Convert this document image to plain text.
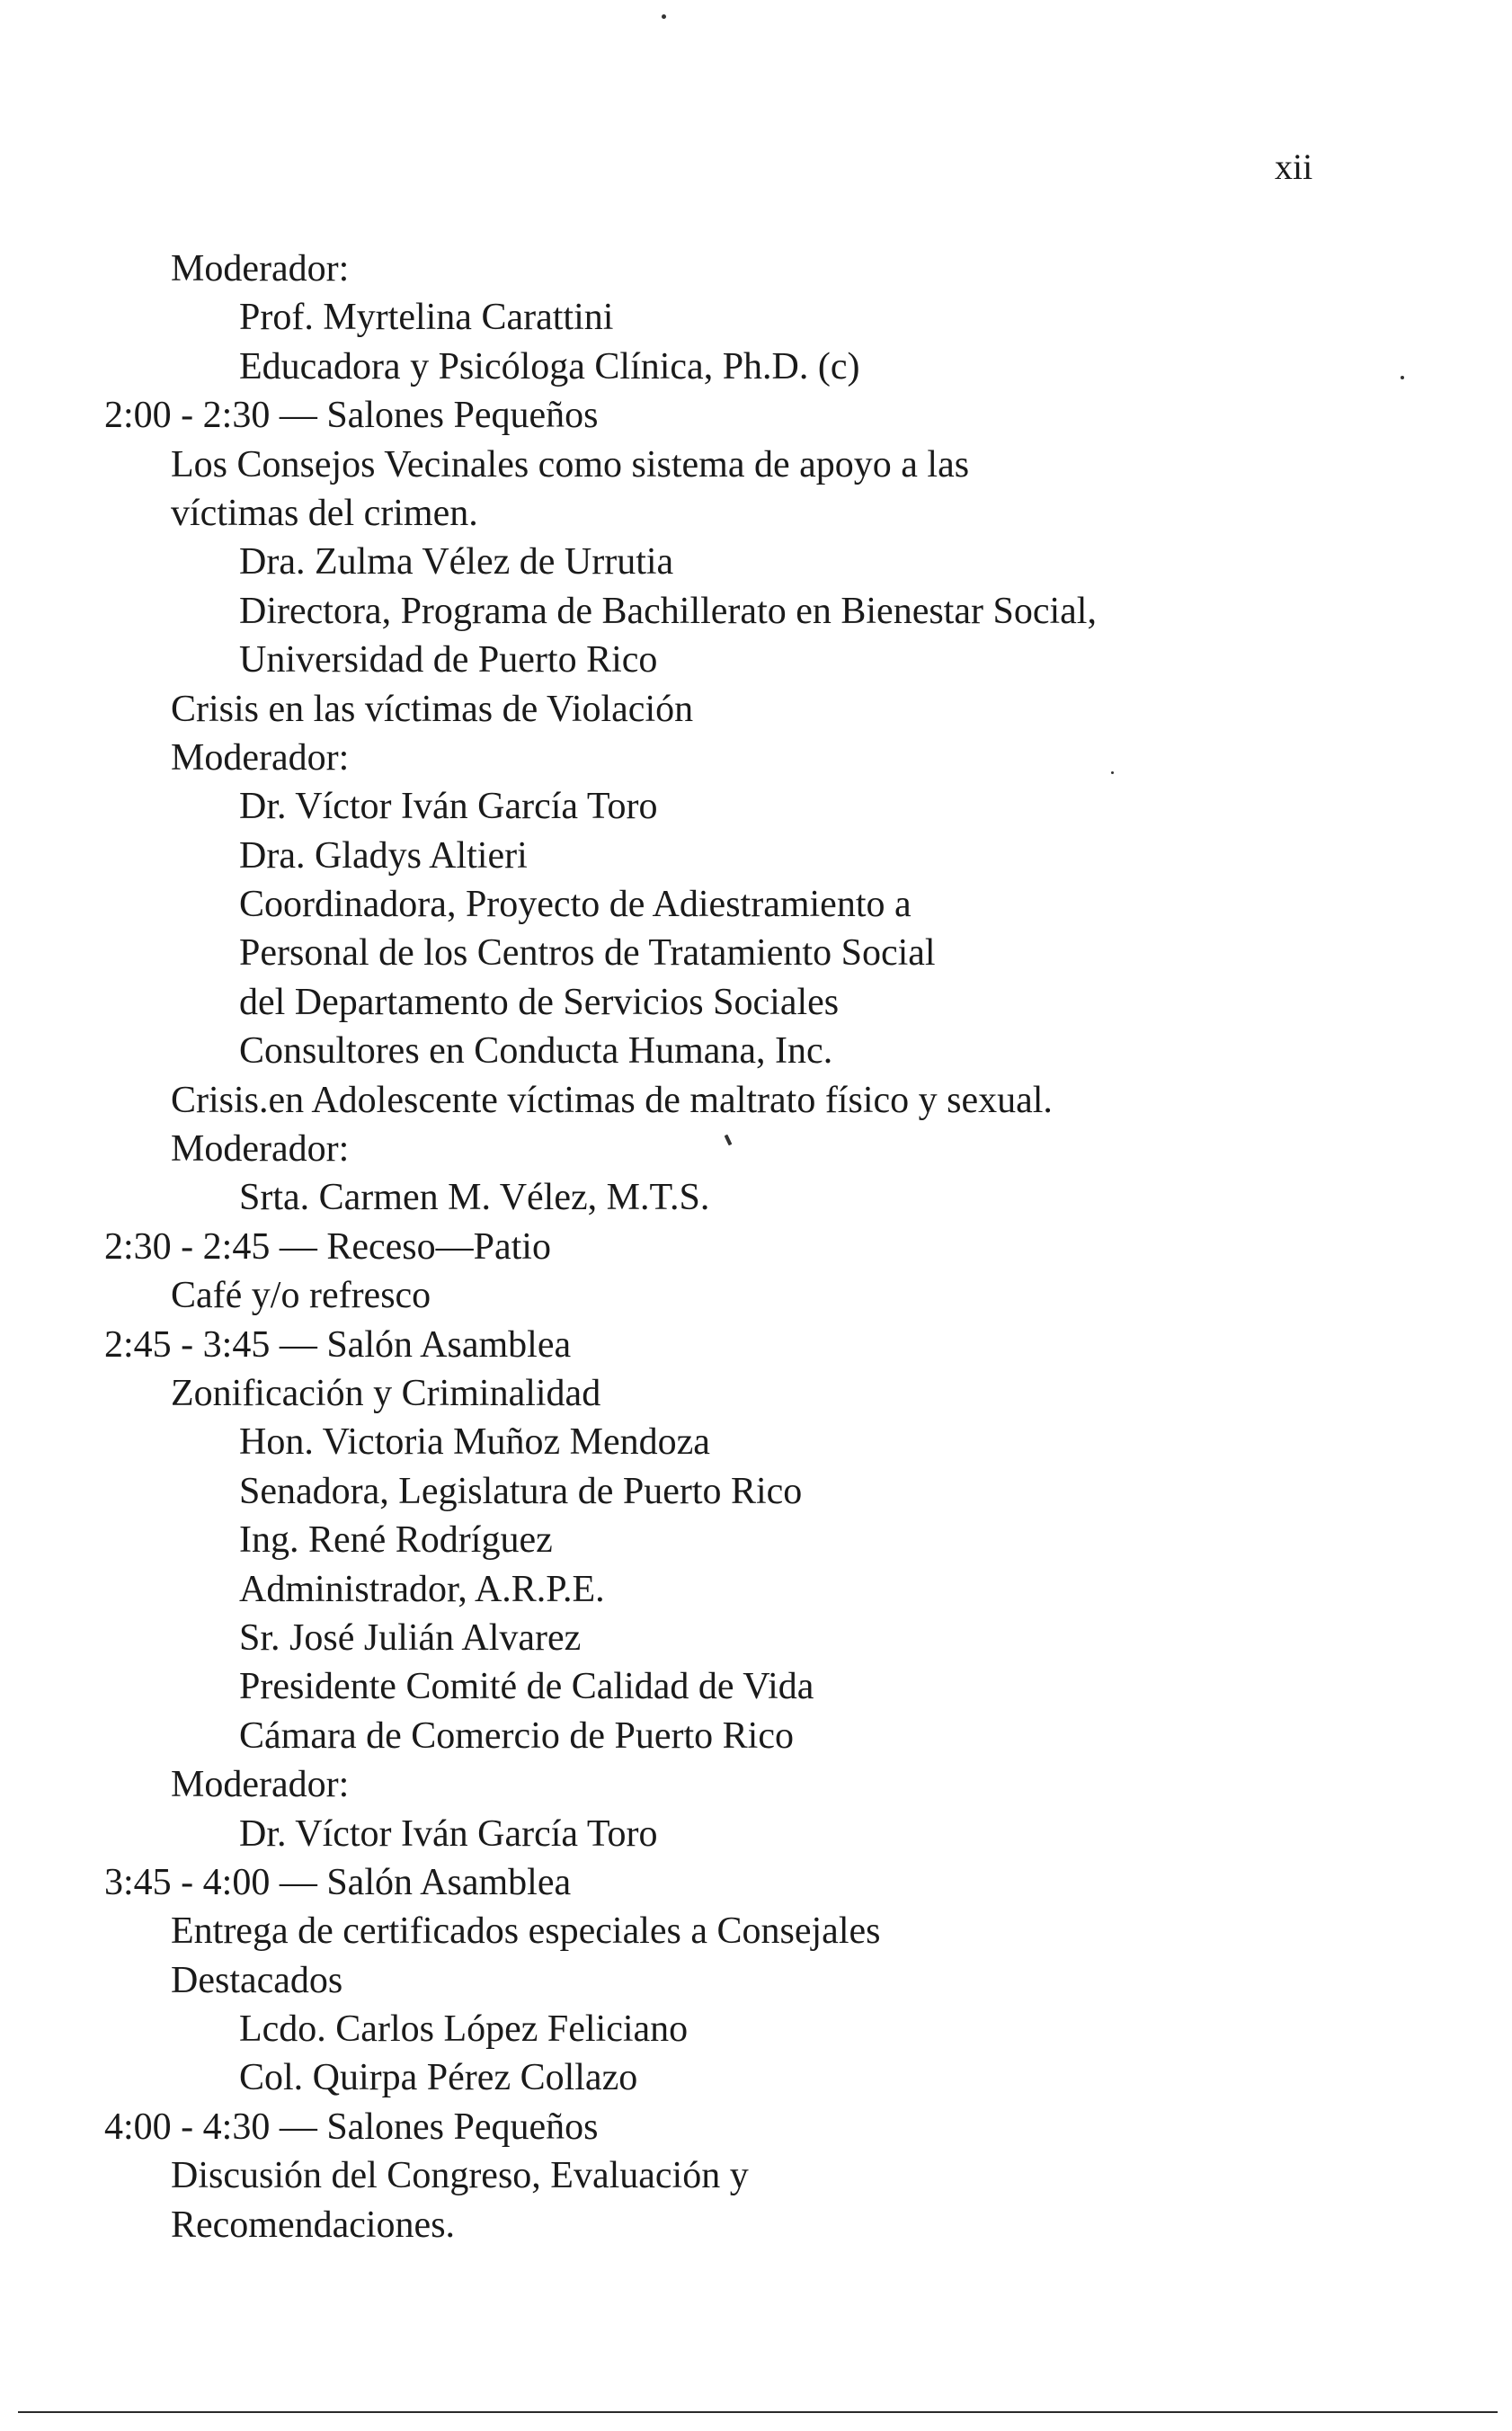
xii
Moderador:
Prof. Myrtelina Carattini
Educadora y Psicóloga Clínica, Ph.D. (c)
2:00 - 2:30 — Salones Pequeños
Los Consejos Vecinales como sistema de apoyo a las
víctimas del crimen.
Dra. Zulma Vélez de Urrutia
Directora, Programa de Bachillerato en Bienestar Social,
Universidad de Puerto Rico
Crisis en las víctimas de Violación
Moderador:
Dr. Víctor Iván García Toro
Dra. Gladys Altieri
Coordinadora, Proyecto de Adiestramiento a
Personal de los Centros de Tratamiento Social
del Departamento de Servicios Sociales
Consultores en Conducta Humana, Inc.
Crisis.en Adolescente víctimas de maltrato físico y sexual.
Moderador:
Srta. Carmen M. Vélez, M.T.S.
2:30 - 2:45 — Receso—Patio
Café y/o refresco
2:45 - 3:45 — Salón Asamblea
Zonificación y Criminalidad
Hon. Victoria Muñoz Mendoza
Senadora, Legislatura de Puerto Rico
Ing. René Rodríguez
Administrador, A.R.P.E.
Sr. José Julián Alvarez
Presidente Comité de Calidad de Vida
Cámara de Comercio de Puerto Rico
Moderador:
Dr. Víctor Iván García Toro
3:45 - 4:00 — Salón Asamblea
Entrega de certificados especiales a Consejales
Destacados
Lcdo. Carlos López Feliciano
Col. Quirpa Pérez Collazo
4:00 - 4:30 — Salones Pequeños
Discusión del Congreso, Evaluación y
Recomendaciones.
